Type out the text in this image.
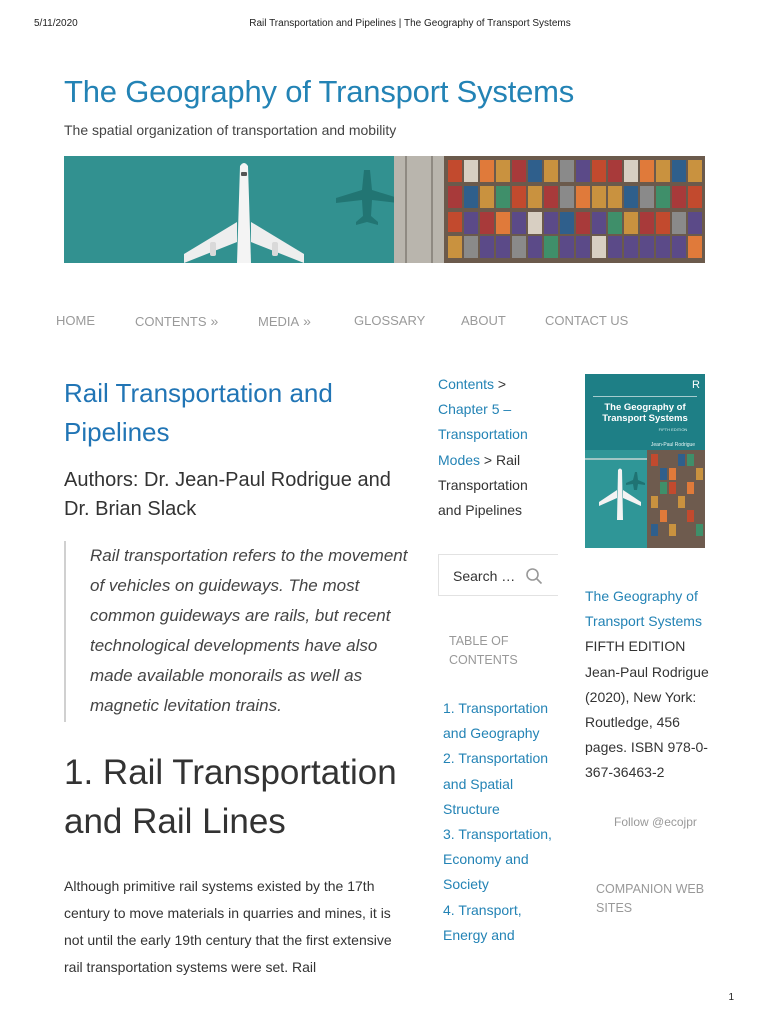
5/11/2020	Rail Transportation and Pipelines | The Geography of Transport Systems
1
The Geography of Transport Systems
The spatial organization of transportation and mobility
HOME	CONTENTS »	MEDIA »	GLOSSARY	ABOUT	CONTACT US
Rail Transportation and Pipelines
Authors: Dr. Jean-Paul Rodrigue and Dr. Brian Slack
Rail transportation refers to the movement of vehicles on guideways. The most common guideways are rails, but recent technological developments have also made available monorails as well as magnetic levitation trains.
1. Rail Transportation and Rail Lines

Although primitive rail systems existed by the 17th century to move materials in quarries and mines, it is not until the early 19th century that the first extensive rail transportation systems were set. Rail

Contents > Chapter 5 – Transportation Modes > Rail Transportation and Pipelines
Search …
TABLE OF CONTENTS
1. Transportation and Geography
2. Transportation and Spatial Structure
3. Transportation, Economy and Society
4. Transport, Energy and
R
The Geography of
Transport Systems
FIFTH EDITION
Jean-Paul Rodrigue
The Geography of Transport Systems
FIFTH EDITION
Jean-Paul Rodrigue (2020), New York: Routledge, 456 pages. ISBN 978-0-367-36463-2
Follow @ecojpr
COMPANION WEB SITES
